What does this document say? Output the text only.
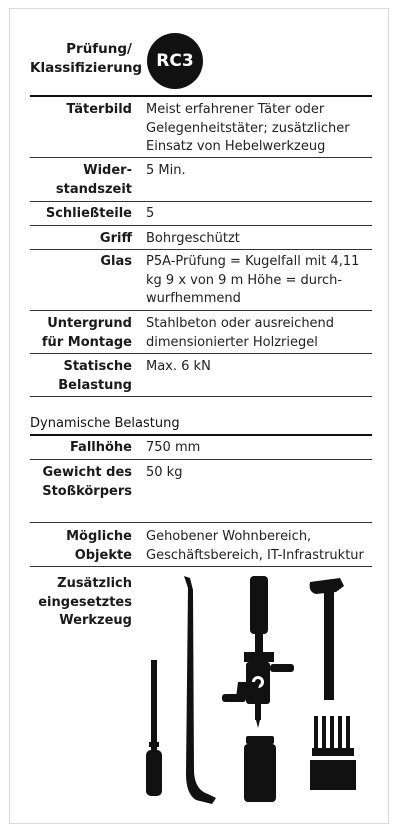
Prüfung/
Klassifizierung RC3
Täterbild Meist erfahrener Täter oder
Gelegenheitstäter; zusätzlicher
Einsatz von Hebelwerkzeug
Wider-
standszeit
5 Min.
Schließteile 5
Griff Bohrgeschützt
Glas P5A-Prüfung = Kugelfall mit 4,11
kg 9 x von 9 m Höhe = durch-
wurfhemmend
Untergrund
für Montage
Stahlbeton oder ausreichend
dimensionierter Holzriegel
Statische
Belastung
Max. 6 kN
Dynamische Belastung
Fallhöhe 750 mm
Gewicht des
Stoßkörpers
50 kg
Mögliche
Objekte
Gehobener Wohnbereich,
Geschäftsbereich, IT-Infrastruktur
Zusätzlich
eingesetztes
Werkzeug
